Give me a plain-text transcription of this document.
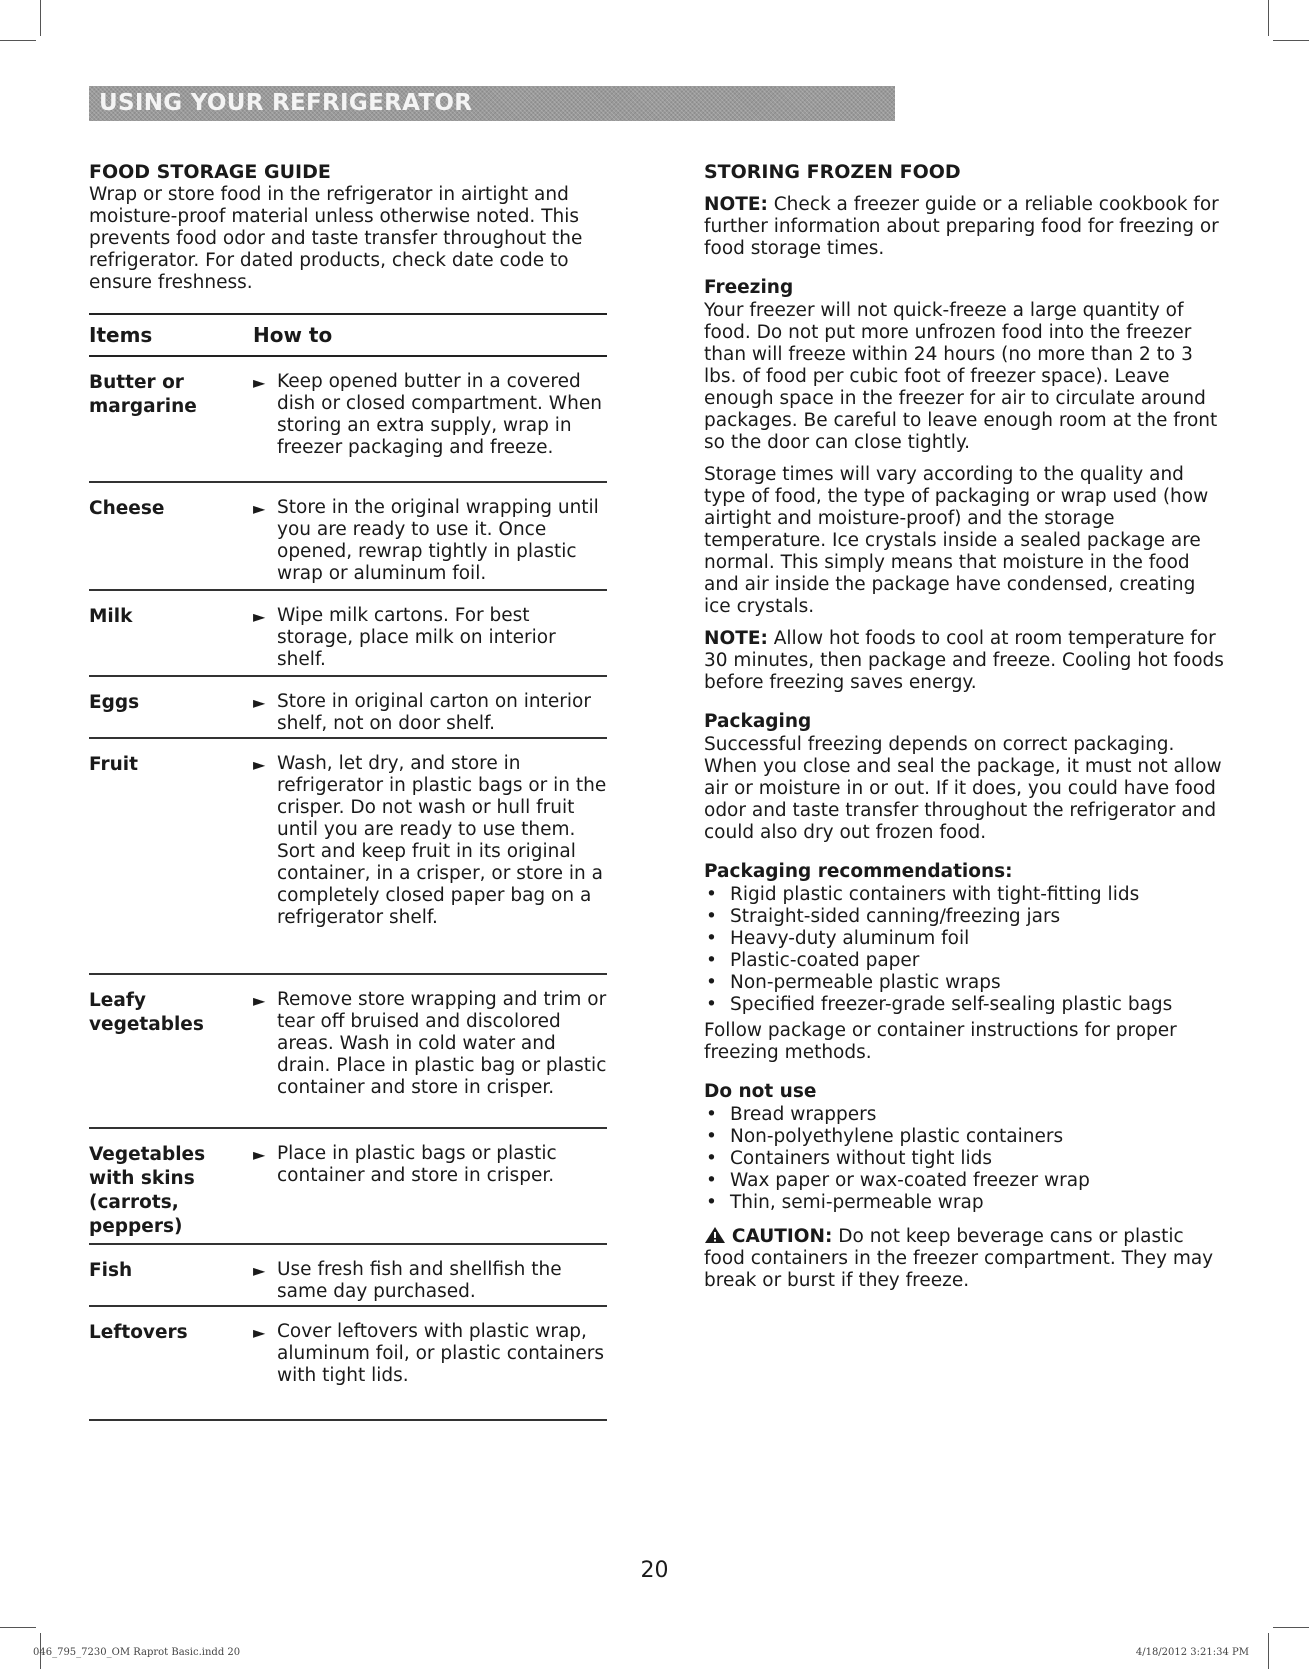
USING YOUR REFRIGERATOR

FOOD STORAGE GUIDE

Wrap or store food in the refrigerator in airtight and moisture-proof material unless otherwise noted. This prevents food odor and taste transfer throughout the refrigerator. For dated products, check date code to ensure freshness.

Items	How to
Butter or margarine	► Keep opened butter in a covered dish or closed compartment. When storing an extra supply, wrap in freezer packaging and freeze.

Cheese	► Store in the original wrapping until you are ready to use it. Once opened, rewrap tightly in plastic wrap or aluminum foil.

Milk	► Wipe milk cartons. For best storage, place milk on interior shelf.

Eggs	► Store in original carton on interior shelf, not on door shelf.

Fruit	► Wash, let dry, and store in refrigerator in plastic bags or in the crisper. Do not wash or hull fruit until you are ready to use them. Sort and keep fruit in its original container, in a crisper, or store in a completely closed paper bag on a refrigerator shelf.

Leafy vegetables	► Remove store wrapping and trim or tear off bruised and discolored areas. Wash in cold water and drain. Place in plastic bag or plastic container and store in crisper.

Vegetables with skins (carrots, peppers)	► Place in plastic bags or plastic container and store in crisper.

Fish	► Use fresh fish and shellfish the same day purchased.

Leftovers	► Cover leftovers with plastic wrap, aluminum foil, or plastic containers with tight lids.

STORING FROZEN FOOD

NOTE: Check a freezer guide or a reliable cookbook for further information about preparing food for freezing or food storage times.

Freezing

Your freezer will not quick-freeze a large quantity of food. Do not put more unfrozen food into the freezer than will freeze within 24 hours (no more than 2 to 3 lbs. of food per cubic foot of freezer space). Leave enough space in the freezer for air to circulate around packages. Be careful to leave enough room at the front so the door can close tightly.

Storage times will vary according to the quality and type of food, the type of packaging or wrap used (how airtight and moisture-proof) and the storage temperature. Ice crystals inside a sealed package are normal. This simply means that moisture in the food and air inside the package have condensed, creating ice crystals.

NOTE: Allow hot foods to cool at room temperature for 30 minutes, then package and freeze. Cooling hot foods before freezing saves energy.

Packaging

Successful freezing depends on correct packaging. When you close and seal the package, it must not allow air or moisture in or out. If it does, you could have food odor and taste transfer throughout the refrigerator and could also dry out frozen food.

Packaging recommendations:

• Rigid plastic containers with tight-fitting lids
• Straight-sided canning/freezing jars
• Heavy-duty aluminum foil
• Plastic-coated paper
• Non-permeable plastic wraps
• Specified freezer-grade self-sealing plastic bags

Follow package or container instructions for proper freezing methods.

Do not use

• Bread wrappers
• Non-polyethylene plastic containers
• Containers without tight lids
• Wax paper or wax-coated freezer wrap
• Thin, semi-permeable wrap

CAUTION: Do not keep beverage cans or plastic food containers in the freezer compartment. They may break or burst if they freeze.

20
046_795_7230_OM Raprot Basic.indd 20	4/18/2012 3:21:34 PM
